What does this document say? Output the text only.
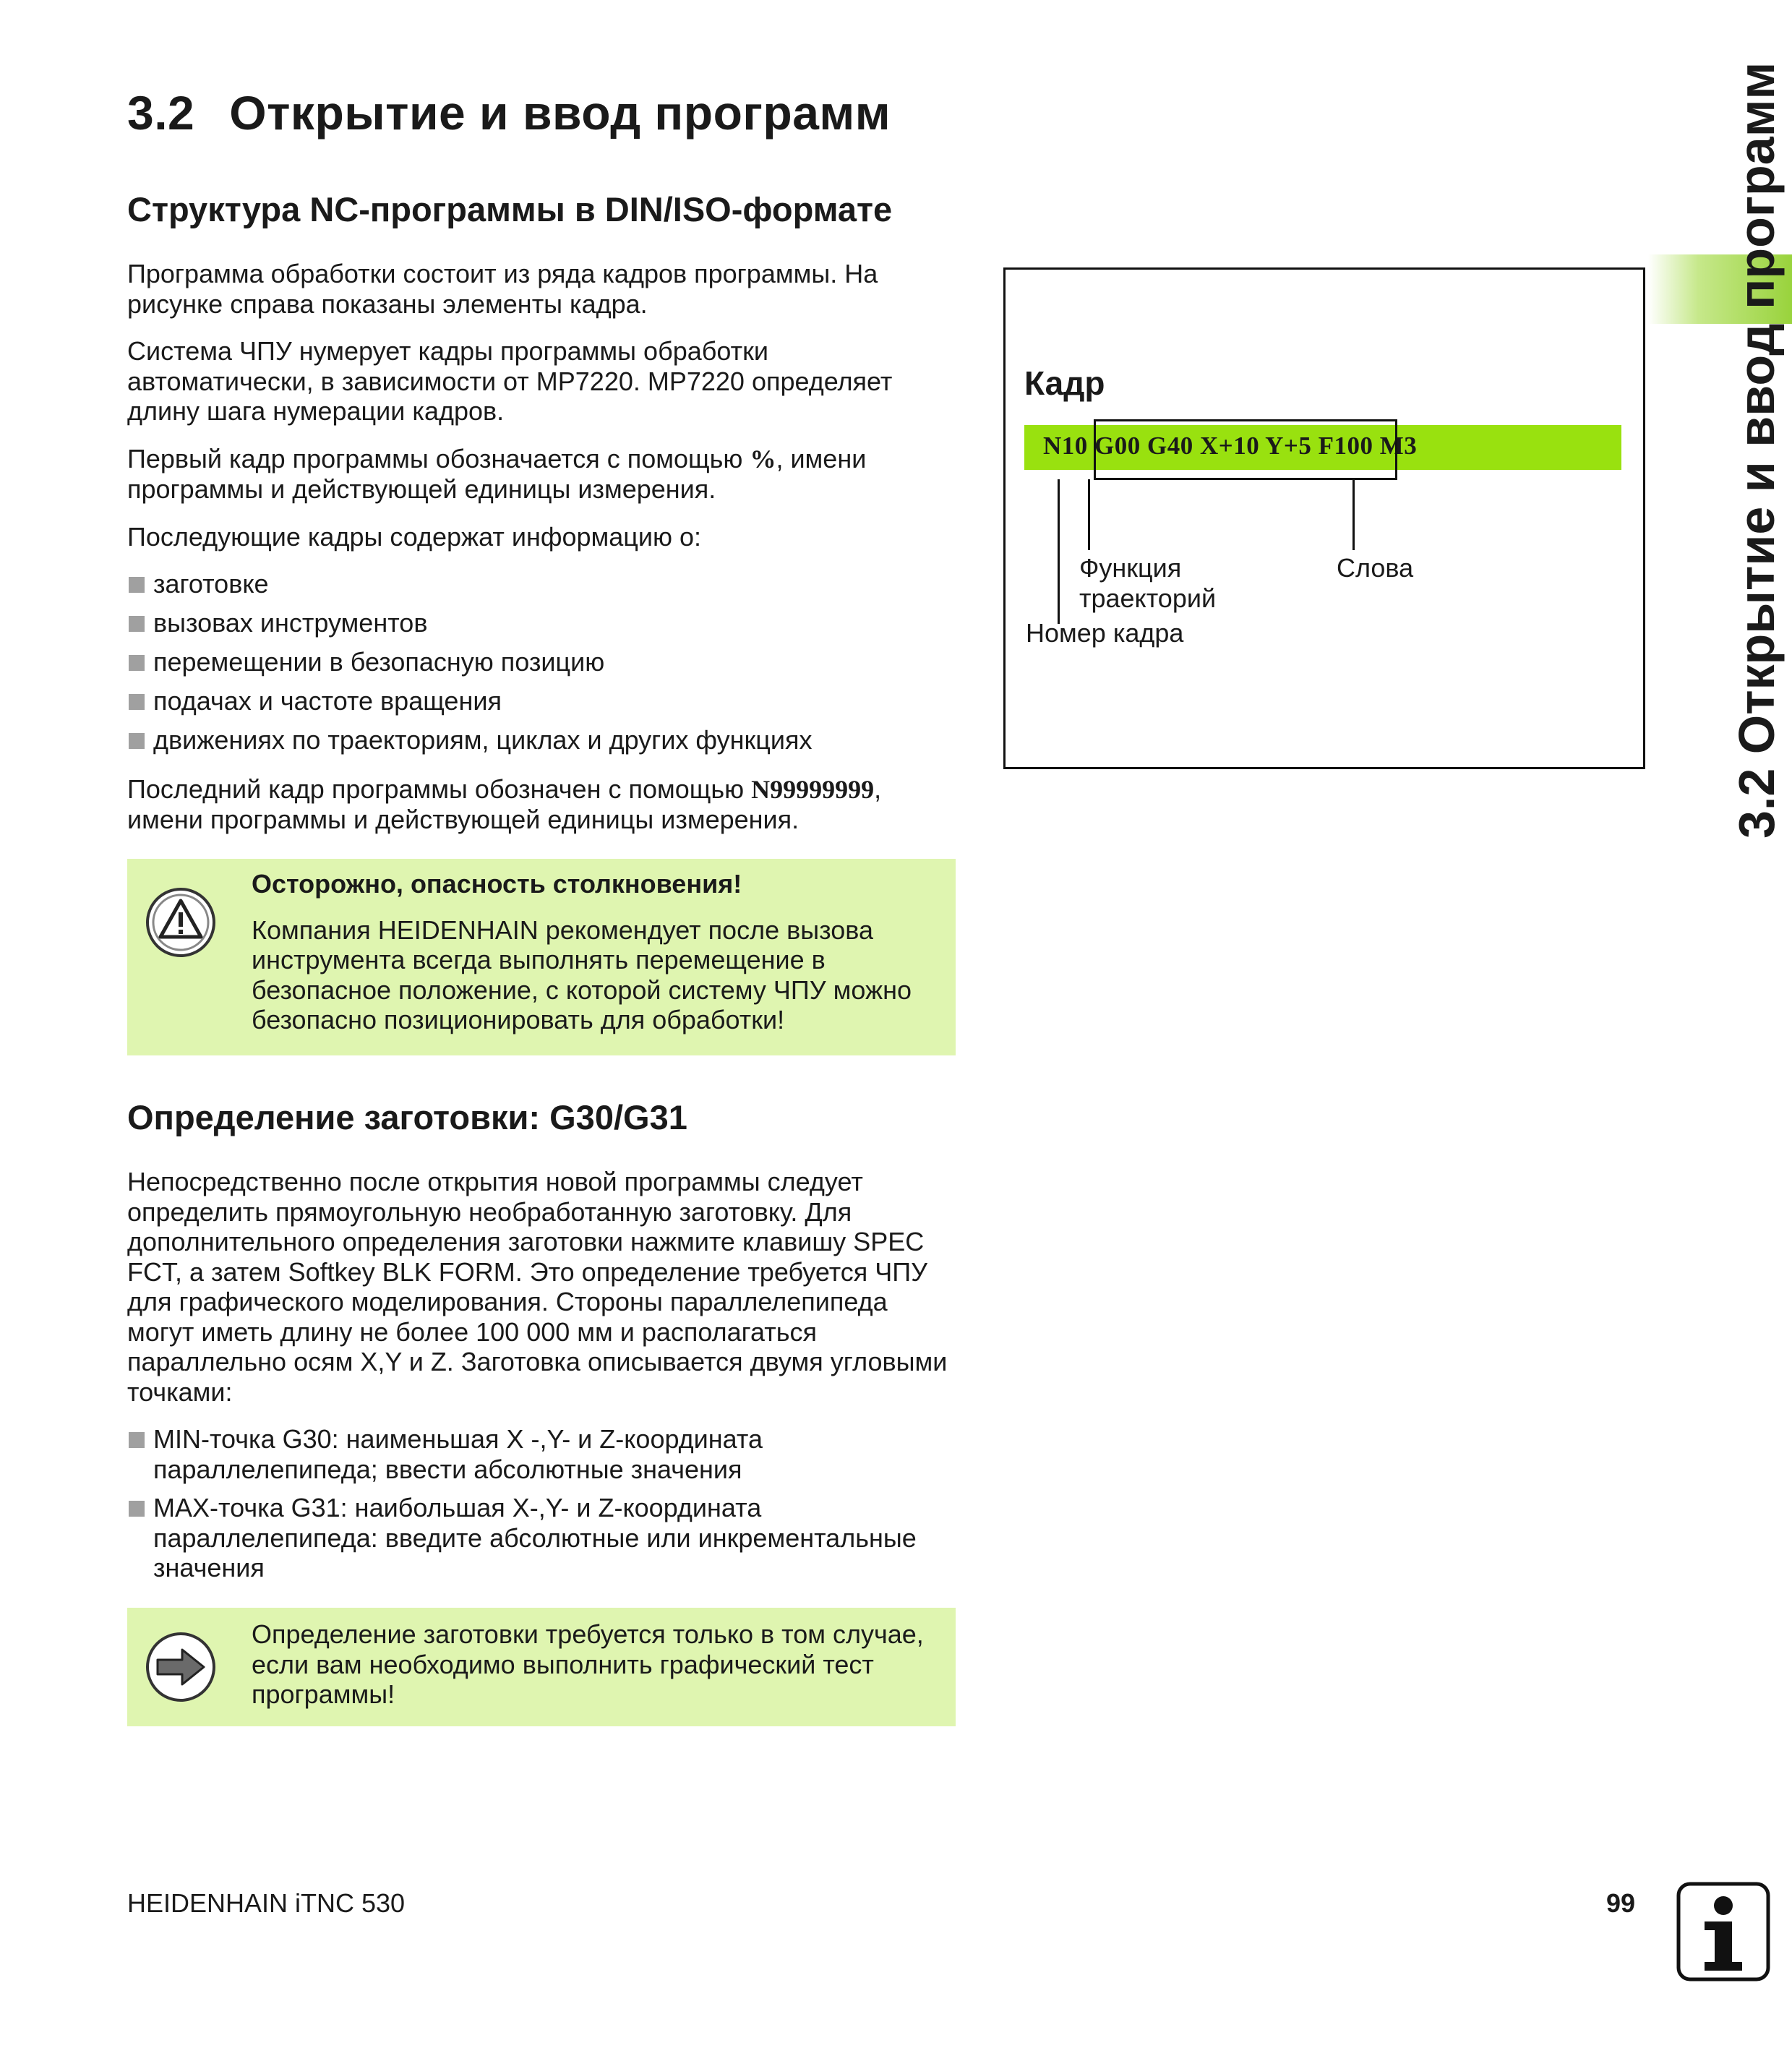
3.2 Открытие и ввод программ
Структура NC-программы в DIN/ISO-формате

Программа обработки состоит из ряда кадров программы. На рисунке справа показаны элементы кадра.

Система ЧПУ нумерует кадры программы обработки автоматически, в зависимости от MP7220. MP7220 определяет длину шага нумерации кадров.

Первый кадр программы обозначается с помощью %, имени программы и действующей единицы измерения.

Последующие кадры содержат информацию о:

заготовке
вызовах инструментов
перемещении в безопасную позицию
подачах и частоте вращения
движениях по траекториям, циклах и других функциях

Последний кадр программы обозначен с помощью N99999999, имени программы и действующей единицы измерения.

Осторожно, опасность столкновения!

Компания HEIDENHAIN рекомендует после вызова инструмента всегда выполнять перемещение в безопасное положение, с которой систему ЧПУ можно безопасно позиционировать для обработки!

Определение заготовки: G30/G31

Непосредственно после открытия новой программы следует определить прямоугольную необработанную заготовку. Для дополнительного определения заготовки нажмите клавишу SPEC FCT, а затем Softkey BLK FORM. Это определение требуется ЧПУ для графического моделирования. Стороны параллелепипеда могут иметь длину не более 100 000 мм и располагаться параллельно осям X,Y и Z. Заготовка описывается двумя угловыми точками:

MIN-точка G30: наименьшая X -,Y- и Z-координата параллелепипеда; ввести абсолютные значения
MAX-точка G31: наибольшая X-,Y- и Z-координата параллелепипеда: введите абсолютные или инкрементальные значения
Определение заготовки требуется только в том случае, если вам необходимо выполнить графический тест программы!
Кадр
N10 G00 G40 X+10 Y+5 F100 M3
Функция
траекторий
Слова
Номер кадра	3.2 Открытие и ввод программ
HEIDENHAIN iTNC 530	99
